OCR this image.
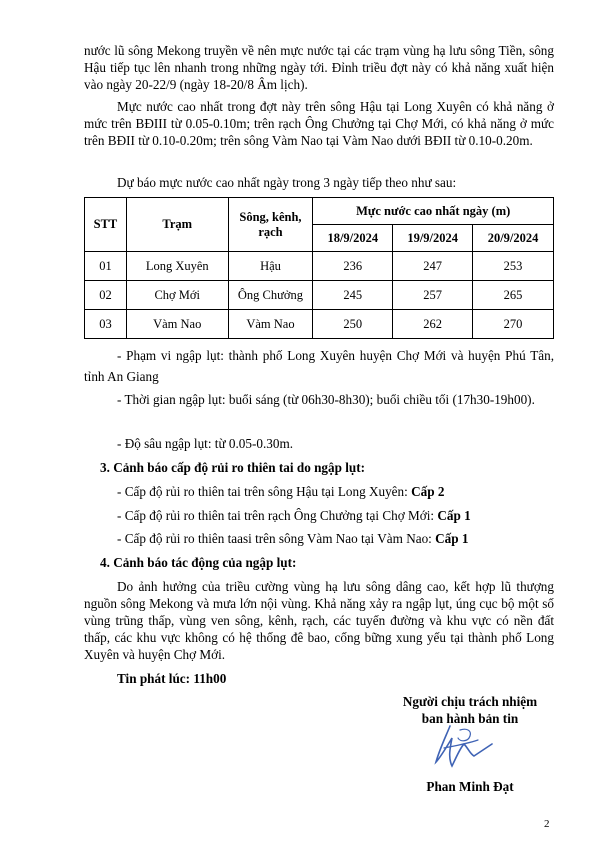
nước lũ sông Mekong truyền về nên mực nước tại các trạm vùng hạ lưu sông Tiền, sông Hậu tiếp tục lên nhanh trong những ngày tới. Đỉnh triều đợt này có khả năng xuất hiện vào ngày 20-22/9 (ngày 18-20/8 Âm lịch).

Mực nước cao nhất trong đợt này trên sông Hậu tại Long Xuyên có khả năng ở mức trên BĐIII từ 0.05-0.10m; trên rạch Ông Chưởng tại Chợ Mới, có khả năng ở mức trên BĐII từ 0.10-0.20m; trên sông Vàm Nao tại Vàm Nao dưới BĐII từ 0.10-0.20m.

Dự báo mực nước cao nhất ngày trong 3 ngày tiếp theo như sau:

STT	Trạm	Sông, kênh, rạch	Mực nước cao nhất ngày (m)		
			18/9/2024	19/9/2024	20/9/2024
01	Long Xuyên	Hậu	236	247	253
02	Chợ Mới	Ông Chưởng	245	257	265
03	Vàm Nao	Vàm Nao	250	262	270

- Phạm vi ngập lụt: thành phố Long Xuyên huyện Chợ Mới và huyện Phú Tân, tỉnh An Giang

- Thời gian ngập lụt: buổi sáng (từ 06h30-8h30); buổi chiều tối (17h30-19h00).

- Độ sâu ngập lụt: từ 0.05-0.30m.

3. Cảnh báo cấp độ rủi ro thiên tai do ngập lụt:

- Cấp độ rủi ro thiên tai trên sông Hậu tại Long Xuyên: Cấp 2

- Cấp độ rủi ro thiên tai trên rạch Ông Chưởng tại Chợ Mới: Cấp 1

- Cấp độ rủi ro thiên taasi trên sông Vàm Nao tại Vàm Nao: Cấp 1

4. Cảnh báo tác động của ngập lụt:

Do ảnh hưởng của triều cường vùng hạ lưu sông dâng cao, kết hợp lũ thượng nguồn sông Mekong và mưa lớn nội vùng. Khả năng xảy ra ngập lụt, úng cục bộ một số vùng trũng thấp, vùng ven sông, kênh, rạch, các tuyến đường và khu vực có nền đất thấp, các khu vực không có hệ thống đê bao, cống bững xung yếu tại thành phố Long Xuyên và huyện Chợ Mới.

Tin phát lúc: 11h00

Người chịu trách nhiệm
ban hành bản tin
Phan Minh Đạt
2
